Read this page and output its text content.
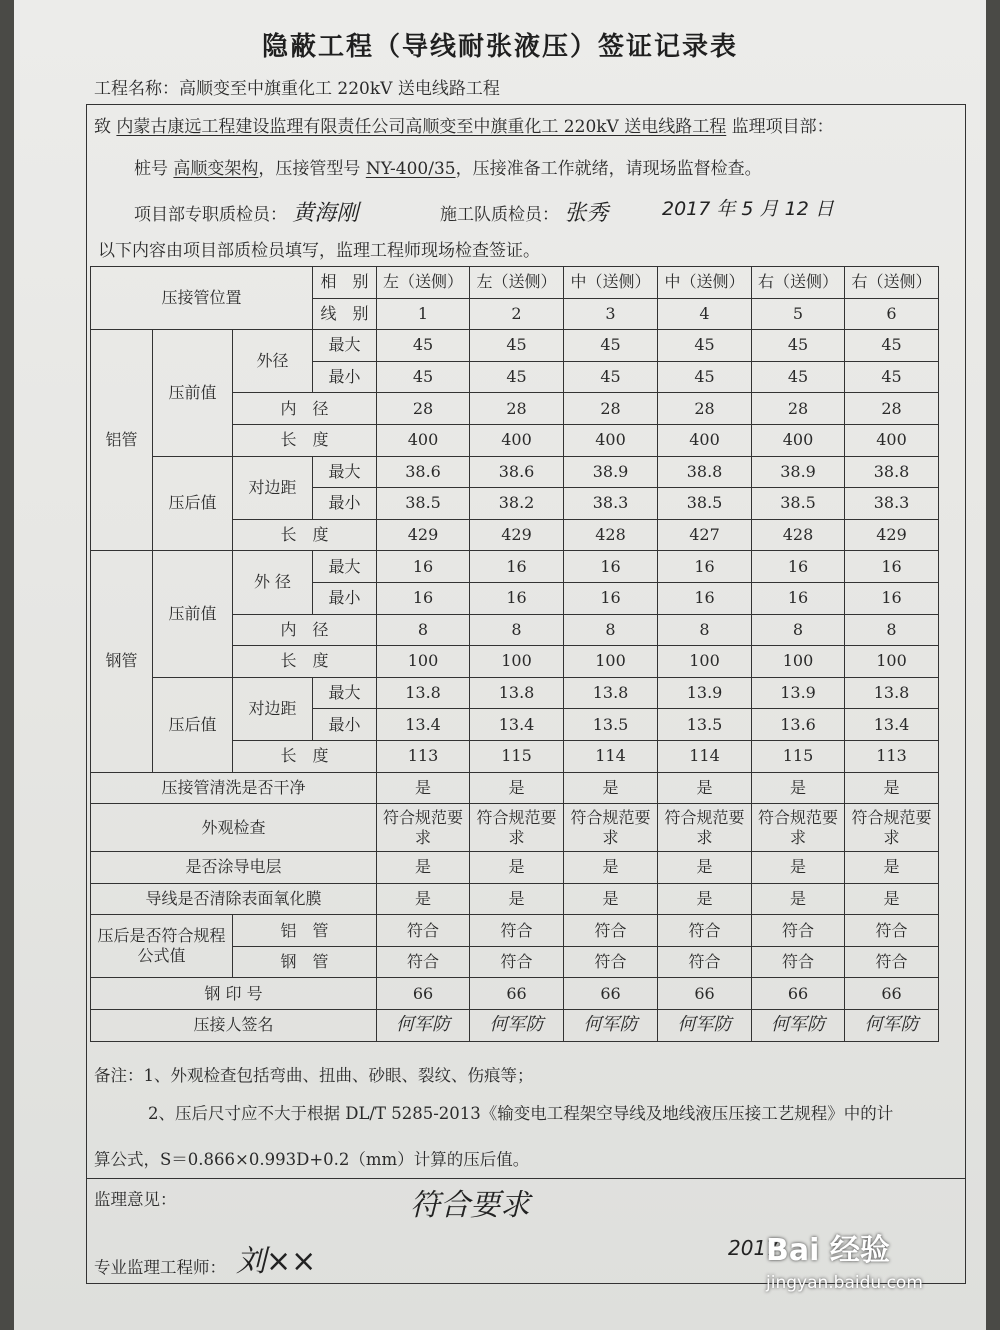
隐蔽工程（导线耐张液压）签证记录表
工程名称：高顺变至中旗重化工 220kV 送电线路工程
致 内蒙古康远工程建设监理有限责任公司高顺变至中旗重化工 220kV 送电线路工程 监理项目部：
桩号 高顺变架构，压接管型号 NY-400/35，压接准备工作就绪，请现场监督检查。
项目部专职质检员： 黄海刚	施工队质检员： 张秀	2017 年 5 月 12 日
以下内容由项目部质检员填写，监理工程师现场检查签证。
压接管位置			相　别	左（送侧）	左（送侧）	中（送侧）	中（送侧）	右（送侧）	右（送侧）
			线　别	1	2	3	4	5	6
铝管	压前值	外径	最大	45	45	45	45	45	45
			最小	45	45	45	45	45	45
		内　径		28	28	28	28	28	28
		长　度		400	400	400	400	400	400
	压后值	对边距	最大	38.6	38.6	38.9	38.8	38.9	38.8
			最小	38.5	38.2	38.3	38.5	38.5	38.3
		长　度		429	429	428	427	428	429
钢管	压前值	外 径	最大	16	16	16	16	16	16
			最小	16	16	16	16	16	16
		内　径		8	8	8	8	8	8
		长　度		100	100	100	100	100	100
	压后值	对边距	最大	13.8	13.8	13.8	13.9	13.9	13.8
			最小	13.4	13.4	13.5	13.5	13.6	13.4
		长　度		113	115	114	114	115	113
压接管清洗是否干净				是	是	是	是	是	是
外观检查				符合规范要求	符合规范要求	符合规范要求	符合规范要求	符合规范要求	符合规范要求
是否涂导电层				是	是	是	是	是	是
导线是否清除表面氧化膜				是	是	是	是	是	是
压后是否符合规程公式值		铝　管		符合	符合	符合	符合	符合	符合
		钢　管		符合	符合	符合	符合	符合	符合
钢 印 号				66	66	66	66	66	66
压接人签名				何军防	何军防	何军防	何军防	何军防	何军防
备注：1、外观检查包括弯曲、扭曲、砂眼、裂纹、伤痕等；
2、压后尺寸应不大于根据 DL/T 5285-2013《输变电工程架空导线及地线液压压接工艺规程》中的计
算公式，S＝0.866×0.993D+0.2（mm）计算的压后值。
监理意见：	符合要求
专业监理工程师： 刘××	2017
Bai 经验
jingyan.baidu.com
